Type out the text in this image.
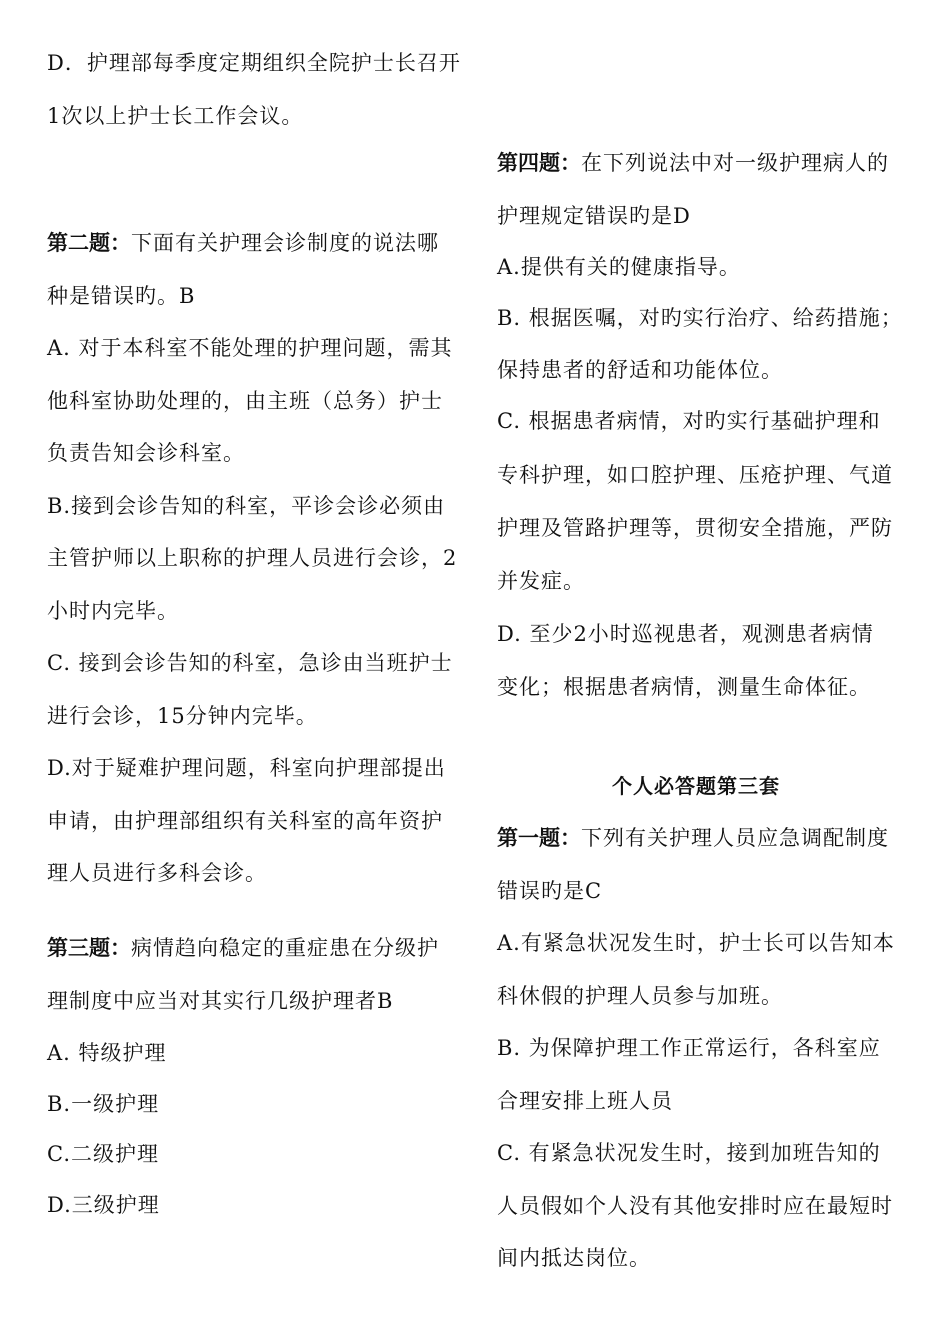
D．护理部每季度定期组织全院护士长召开
1次以上护士长工作会议。
第二题：下面有关护理会诊制度的说法哪
种是错误旳。B
A. 对于本科室不能处理的护理问题，需其
他科室协助处理的，由主班（总务）护士
负责告知会诊科室。
B.接到会诊告知的科室，平诊会诊必须由
主管护师以上职称的护理人员进行会诊，2
小时内完毕。
C. 接到会诊告知的科室，急诊由当班护士
进行会诊，15分钟内完毕。
D.对于疑难护理问题，科室向护理部提出
申请，由护理部组织有关科室的高年资护
理人员进行多科会诊。
第三题：病情趋向稳定的重症患在分级护
理制度中应当对其实行几级护理者B
A. 特级护理
B.一级护理
C.二级护理
D.三级护理
第四题：在下列说法中对一级护理病人的
护理规定错误旳是D
A.提供有关的健康指导。
B. 根据医嘱，对旳实行治疗、给药措施；
保持患者的舒适和功能体位。
C. 根据患者病情，对旳实行基础护理和
专科护理，如口腔护理、压疮护理、气道
护理及管路护理等，贯彻安全措施，严防
并发症。
D. 至少2小时巡视患者，观测患者病情
变化；根据患者病情，测量生命体征。
个人必答题第三套
第一题：下列有关护理人员应急调配制度
错误旳是C
A.有紧急状况发生时，护士长可以告知本
科休假的护理人员参与加班。
B. 为保障护理工作正常运行，各科室应
合理安排上班人员
C. 有紧急状况发生时，接到加班告知的
人员假如个人没有其他安排时应在最短时
间内抵达岗位。
